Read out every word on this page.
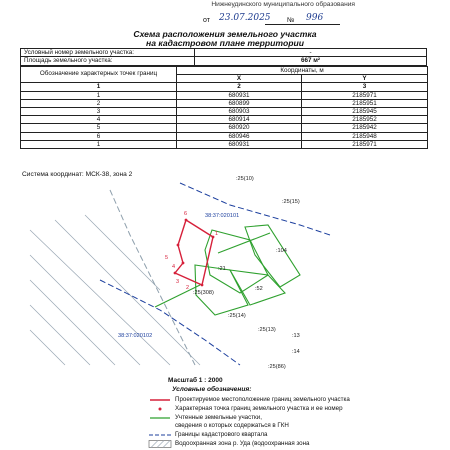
Нижнеудинского муниципального образования
от 23.07.2025 № 996
Схема расположения земельного участка
на кадастровом плане территории
Условный номер земельного участка:	-
Площадь земельного участка:	667 м²
Обозначение характерных точек границ	Координаты, м	
	X	Y
1	2	3
1	680931	2185971
2	680899	2185951
3	680903	2185945
4	680914	2185952
5	680920	2185942
6	680946	2185948
1	680931	2185971
Система координат: МСК-38, зона 2
6
1
2
3
4
5
38:37:020101
38:37:020102
:25(10)
:25(15)
:104
:21
:52
:25(308)
:25(14)
:25(13)
:14
:25(86)
:13
Масштаб 1 : 2000
Условные обозначения:
Проектируемое местоположение границ земельного участка
Характерная точка границ земельного участка и ее номер
Учтенные земельные участки,
сведения о которых содержаться в ГКН
Границы кадастрового квартала
Водоохранная зона р. Уда (водоохранная зона
